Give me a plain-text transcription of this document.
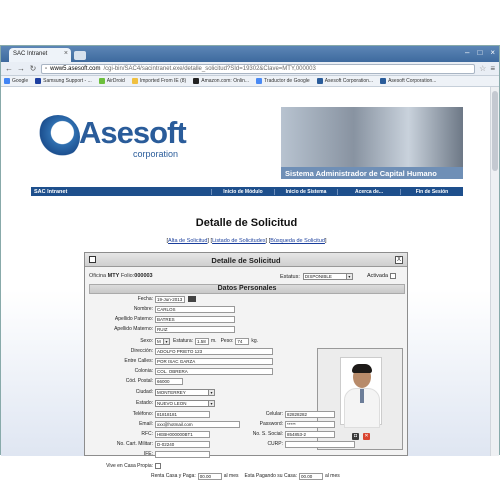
SAC Intranet ×	– □ ×
← → ↻ ▫ www5.asesoft.com /cgi-bin/SAC4/sacintranet.exe/detalle_solicitud?SId=19302&Clave=MTY,000003	☆ ≡
Google	Samsung Support - ...	AirDroid	Imported From IE (8)	Amazon.com: Onlin...	Traductor de Google	Asesoft Corporation...	Asesoft Corporation...
Asesoft
corporation
Sistema Administrador de Capital Humano
SAC Intranet	Inicio de Módulo	Inicio de Sistema	Acerca de...	Fin de Sesión
Detalle de Solicitud
[Alta de Solicitud] [Listado de Solicitudes] [Búsqueda de Solicitud]
Detalle de Solicitud	X
Oficina MTY Folio:000003	Estatus: DISPONIBLE	▾	Activada
Datos Personales
◘	✕
Fecha: 19-Jun-2013
Nombre: CARLOS
Apellido Paterno: BATRES
Apellido Materno: RUIZ
Sexo: M	▾	Estatura: 1.58	m. Peso: 74	kg.
Dirección: ADOLFO PRIETO 123
Entre Calles: POR ISAC GARZA
Colonia: COL. OBRERA
Cód. Postal: 66000
Ciudad: MONTERREY	▾
Estado: NUEVO LEON	▾
Teléfono: 81818181	Celular: 82828282
Email: xxx@hotmail.com	Password: *****
RFC: HEBH000000BT1	No. S. Social: 854853-2
No. Cart. Militar: D-02240	CURP:
IFE:
Vive en Casa Propia:
Renta Casa y Paga: 00.00	al mes Esta Pagando su Casa: 00.00	al mes
